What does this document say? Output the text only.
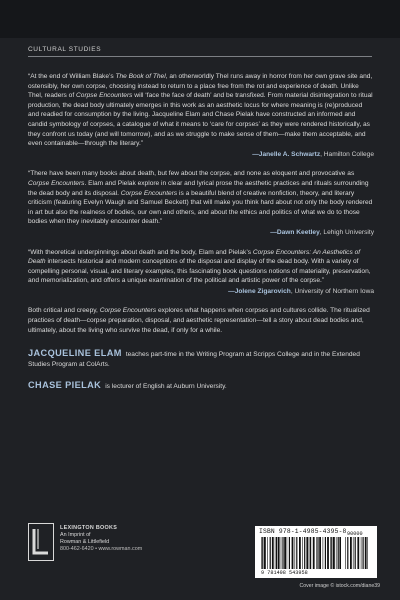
CULTURAL STUDIES
“At the end of William Blake’s The Book of Thel, an otherworldly Thel runs away in horror from her own grave site and, ostensibly, her own corpse, choosing instead to return to a place free from the rot and experience of death. Unlike Thel, readers of Corpse Encounters will ‘face the face of death’ and be transfixed. From material disintegration to ritual production, the dead body ultimately emerges in this work as an aesthetic locus for where meaning is (re)produced and readied for consumption by the living. Jacqueline Elam and Chase Pielak have constructed an informed and candid symbology of corpses, a catalogue of what it means to ‘care for corpses’ as they were rendered historically, as they confront us today (and will tomorrow), and as we struggle to make sense of them—make them acceptable, and even containable—through the literary.”
—Janelle A. Schwartz, Hamilton College
“There have been many books about death, but few about the corpse, and none as eloquent and provocative as Corpse Encounters. Elam and Pielak explore in clear and lyrical prose the aesthetic practices and rituals surrounding the dead body and its disposal. Corpse Encounters is a beautiful blend of creative nonfiction, theory, and literary criticism (featuring Evelyn Waugh and Samuel Beckett) that will make you think hard about not only the body rendered in art but also the realness of bodies, our own and others, and about the ethics and politics of what we do to those bodies when they inevitably encounter death.”
—Dawn Keetley, Lehigh University
“With theoretical underpinnings about death and the body, Elam and Pielak’s Corpse Encounters: An Aesthetics of Death intersects historical and modern conceptions of the disposal and display of the dead body. With a variety of compelling personal, visual, and literary examples, this fascinating book questions notions of materiality, preservation, and memorialization, and offers a unique examination of the political and artistic power of the corpse.”
—Jolene Zigarovich, University of Northern Iowa
Both critical and creepy, Corpse Encounters explores what happens when corpses and cultures collide. The ritualized practices of death—corpse preparation, disposal, and aesthetic representation—tell a story about dead bodies and, ultimately, about the living who survive the dead, if only for a while.
JACQUELINE ELAM teaches part-time in the Writing Program at Scripps College and in the Extended Studies Program at ColArts.
CHASE PIELAK is lecturer of English at Auburn University.
LEXINGTON BOOKS
An Imprint of
Rowman & Littlefield
800-462-6420 • www.rowman.com
ISBN 978-1-4985-4395-8 90000
9 781498 543958
Cover image © istock.com/diane39
